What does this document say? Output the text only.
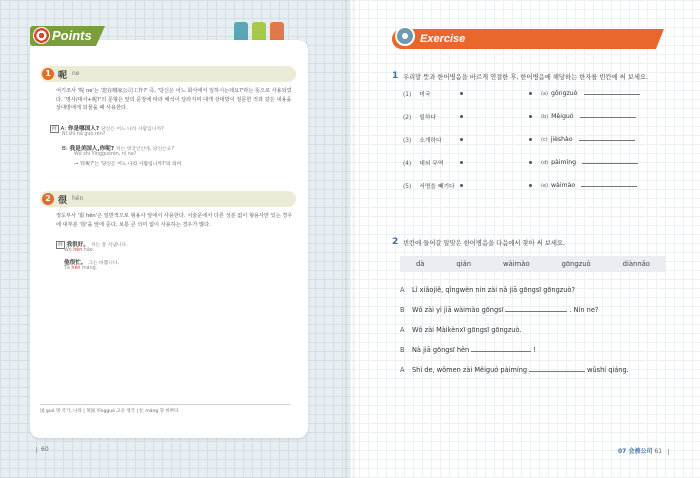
Points
1 呢 ne
어기조사 '呢 ne'는 '您在哪家公司工作?' 즉, '당신은 어느 회사에서 일하시는데요?'라는 뜻으로 사용되었다. '명사/대사+呢?'의 문형은 앞의 문장에 따라 해석이 달라지며 대개 상대방이 질문한 것과 같은 내용을 상대방에게 되물을 때 사용한다.
例 A: 你是哪国人? 당신은 어느 나라 사람입니까?
Nǐ shì nǎ guó rén?
B: 我是美国人,你呢? 저는 영국인인데, 당신은요?
Wǒ shì Yīngguórén, nǐ ne?
→ '你呢?'는 '당신은 어느 나라 사람입니까?'의 의미
2 很 hěn
정도부사 '很 hěn'은 일반적으로 형용사 앞에서 사용한다. 서술문에서 다른 성분 없이 형용사만 있는 경우에 대부분 '很'을 앞에 준다, 보통 큰 의미 없이 사용하는 경우가 많다.
例 我很好。 저는 잘 지냅니다.
Wǒ hěn hǎo.
他很忙。 그는 바쁩니다.
Tā hěn máng.
国 guó 명 국가, 나라 | 英国 Yīngguó 고유 영국 | 忙 máng 형 바쁘다
60
Exercise
1 우리말 뜻과 한어병음을 바르게 연결한 후, 한어병음에 해당하는 한자를 빈칸에 써 보세요.
(1) 미국	(a) gōngzuò
(2) 일하다	(b) Měiguó
(3) 소개하다	(c) jièshào
(4) 대외 무역	(d) pàimíng
(5) 서명을 빼기다	(e) wàimào
2 빈칸에 들어갈 알맞은 한어병음을 다음에서 찾아 써 보세요.
dà	qián	wàimào	gōngzuò	diànnǎo
A Lǐ xiǎojiě, qǐngwèn nín zài nǎ jiā gōngsī gōngzuò?
B Wǒ zài yì jiā wàimào gōngsī	. Nín ne?
A Wǒ zài Màikènxī gōngsī gōngzuò.
B Nà jiā gōngsī hěn	!
A Shì de, wǒmen zài Měiguó pàimíng	wǔshí qiáng.
07 会被公司 61
